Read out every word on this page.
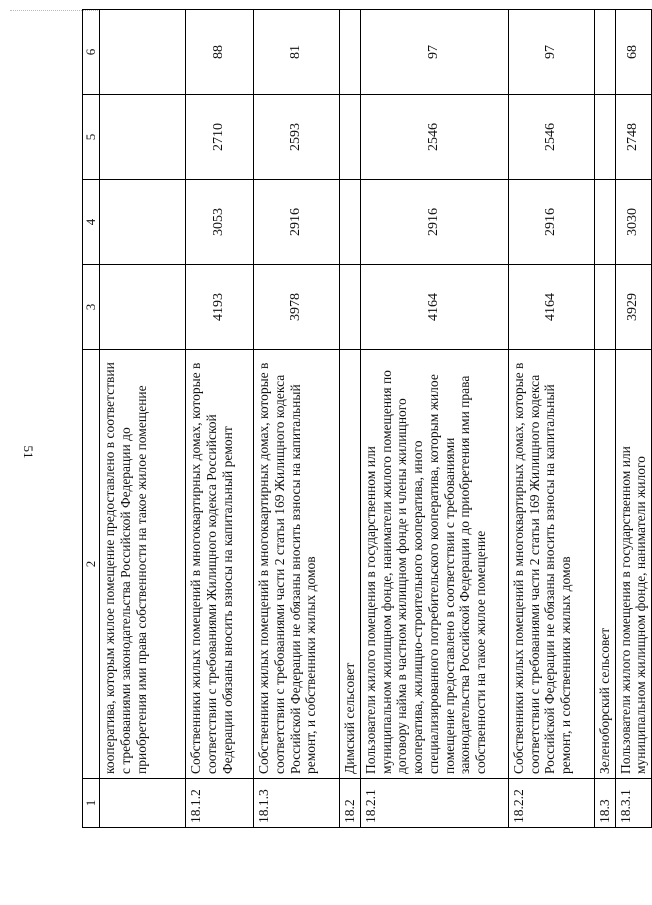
51
1	2	3	4	5	6
	кооператива, которым жилое помещение предоставлено в соответствии с требованиями законодательства Российской Федерации до приобретения ими права собственности на такое жилое помещение				
18.1.2	Собственники жилых помещений в многоквартирных домах, которые в соответствии с требованиями Жилищного кодекса Российской Федерации обязаны вносить взносы на капитальный ремонт	4193	3053	2710	88
18.1.3	Собственники жилых помещений в многоквартирных домах, которые в соответствии с требованиями части 2 статьи 169 Жилищного кодекса Российской Федерации не обязаны вносить взносы на капитальный ремонт, и собственники жилых домов	3978	2916	2593	81
18.2	Димский сельсовет				
18.2.1	Пользователи жилого помещения в государственном или муниципальном жилищном фонде, наниматели жилого помещения по договору найма в частном жилищном фонде и члены жилищного кооператива, жилищно-строительного кооператива, иного специализированного потребительского кооператива, которым жилое помещение предоставлено в соответствии с требованиями законодательства Российской Федерации до приобретения ими права собственности на такое жилое помещение	4164	2916	2546	97
18.2.2	Собственники жилых помещений в многоквартирных домах, которые в соответствии с требованиями части 2 статьи 169 Жилищного кодекса Российской Федерации не обязаны вносить взносы на капитальный ремонт, и собственники жилых домов	4164	2916	2546	97
18.3	Зеленоборский сельсовет				
18.3.1	Пользователи жилого помещения в государственном или муниципальном жилищном фонде, наниматели жилого	3929	3030	2748	68
